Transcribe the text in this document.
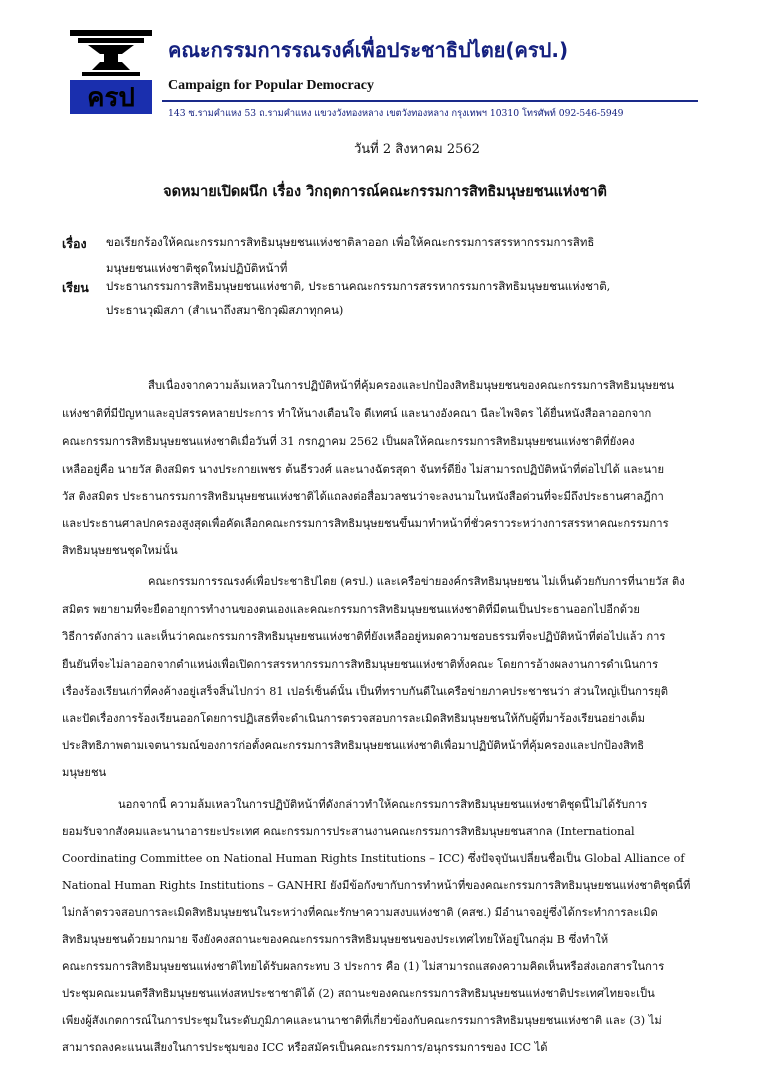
ครป
คณะกรรมการรณรงค์เพื่อประชาธิปไตย(ครป.)
Campaign for Popular Democracy
143 ซ.รามคำแหง 53 ถ.รามคำแหง แขวงวังทองหลาง เขตวังทองหลาง กรุงเทพฯ 10310 โทรศัพท์ 092-546-5949
วันที่ 2 สิงหาคม 2562
จดหมายเปิดผนึก เรื่อง วิกฤตการณ์คณะกรรมการสิทธิมนุษยชนแห่งชาติ
เรื่อง ขอเรียกร้องให้คณะกรรมการสิทธิมนุษยชนแห่งชาติลาออก เพื่อให้คณะกรรมการสรรหากรรมการสิทธิ
มนุษยชนแห่งชาติชุดใหม่ปฏิบัติหน้าที่
เรียน ประธานกรรมการสิทธิมนุษยชนแห่งชาติ, ประธานคณะกรรมการสรรหากรรมการสิทธิมนุษยชนแห่งชาติ,
ประธานวุฒิสภา (สำเนาถึงสมาชิกวุฒิสภาทุกคน)
สืบเนื่องจากความล้มเหลวในการปฏิบัติหน้าที่คุ้มครองและปกป้องสิทธิมนุษยชนของคณะกรรมการสิทธิมนุษยชน
แห่งชาติที่มีปัญหาและอุปสรรคหลายประการ ทำให้นางเตือนใจ ดีเทศน์ และนางอังคณา นีละไพจิตร ได้ยื่นหนังสือลาออกจาก
คณะกรรมการสิทธิมนุษยชนแห่งชาติเมื่อวันที่ 31 กรกฎาคม 2562 เป็นผลให้คณะกรรมการสิทธิมนุษยชนแห่งชาติที่ยังคง
เหลืออยู่คือ นายวัส ติงสมิตร นางประกายเพชร ต้นธีรวงศ์ และนางฉัตรสุดา จันทร์ดียิ่ง ไม่สามารถปฏิบัติหน้าที่ต่อไปได้ และนาย
วัส ติงสมิตร ประธานกรรมการสิทธิมนุษยชนแห่งชาติได้แถลงต่อสื่อมวลชนว่าจะลงนามในหนังสือด่วนที่จะมีถึงประธานศาลฎีกา
และประธานศาลปกครองสูงสุดเพื่อคัดเลือกคณะกรรมการสิทธิมนุษยชนขึ้นมาทำหน้าที่ชั่วคราวระหว่างการสรรหาคณะกรรมการ
สิทธิมนุษยชนชุดใหม่นั้น
คณะกรรมการรณรงค์เพื่อประชาธิปไตย (ครป.) และเครือข่ายองค์กรสิทธิมนุษยชน ไม่เห็นด้วยกับการที่นายวัส ติง
สมิตร พยายามที่จะยืดอายุการทำงานของตนเองและคณะกรรมการสิทธิมนุษยชนแห่งชาติที่มีตนเป็นประธานออกไปอีกด้วย
วิธีการดังกล่าว และเห็นว่าคณะกรรมการสิทธิมนุษยชนแห่งชาติที่ยังเหลืออยู่หมดความชอบธรรมที่จะปฏิบัติหน้าที่ต่อไปแล้ว การ
ยืนยันที่จะไม่ลาออกจากตำแหน่งเพื่อเปิดการสรรหากรรมการสิทธิมนุษยชนแห่งชาติทั้งคณะ โดยการอ้างผลงานการดำเนินการ
เรื่องร้องเรียนเก่าที่คงค้างอยู่เสร็จสิ้นไปกว่า 81 เปอร์เซ็นต์นั้น เป็นที่ทราบกันดีในเครือข่ายภาคประชาชนว่า ส่วนใหญ่เป็นการยุติ
และปัดเรื่องการร้องเรียนออกโดยการปฏิเสธที่จะดำเนินการตรวจสอบการละเมิดสิทธิมนุษยชนให้กับผู้ที่มาร้องเรียนอย่างเต็ม
ประสิทธิภาพตามเจตนารมณ์ของการก่อตั้งคณะกรรมการสิทธิมนุษยชนแห่งชาติเพื่อมาปฏิบัติหน้าที่คุ้มครองและปกป้องสิทธิ
มนุษยชน
นอกจากนี้ ความล้มเหลวในการปฏิบัติหน้าที่ดังกล่าวทำให้คณะกรรมการสิทธิมนุษยชนแห่งชาติชุดนี้ไม่ได้รับการ
ยอมรับจากสังคมและนานาอารยะประเทศ คณะกรรมการประสานงานคณะกรรมการสิทธิมนุษยชนสากล (International
Coordinating Committee on National Human Rights Institutions – ICC) ซึ่งปัจจุบันเปลี่ยนชื่อเป็น Global Alliance of
National Human Rights Institutions – GANHRI ยังมีข้อกังขากับการทำหน้าที่ของคณะกรรมการสิทธิมนุษยชนแห่งชาติชุดนี้ที่
ไม่กล้าตรวจสอบการละเมิดสิทธิมนุษยชนในระหว่างที่คณะรักษาความสงบแห่งชาติ (คสช.) มีอำนาจอยู่ซึ่งได้กระทำการละเมิด
สิทธิมนุษยชนด้วยมากมาย จึงยังคงสถานะของคณะกรรมการสิทธิมนุษยชนของประเทศไทยให้อยู่ในกลุ่ม B ซึ่งทำให้
คณะกรรมการสิทธิมนุษยชนแห่งชาติไทยได้รับผลกระทบ 3 ประการ คือ (1) ไม่สามารถแสดงความคิดเห็นหรือส่งเอกสารในการ
ประชุมคณะมนตรีสิทธิมนุษยชนแห่งสหประชาชาติได้ (2) สถานะของคณะกรรมการสิทธิมนุษยชนแห่งชาติประเทศไทยจะเป็น
เพียงผู้สังเกตการณ์ในการประชุมในระดับภูมิภาคและนานาชาติที่เกี่ยวข้องกับคณะกรรมการสิทธิมนุษยชนแห่งชาติ และ (3) ไม่
สามารถลงคะแนนเสียงในการประชุมของ ICC หรือสมัครเป็นคณะกรรมการ/อนุกรรมการของ ICC ได้
